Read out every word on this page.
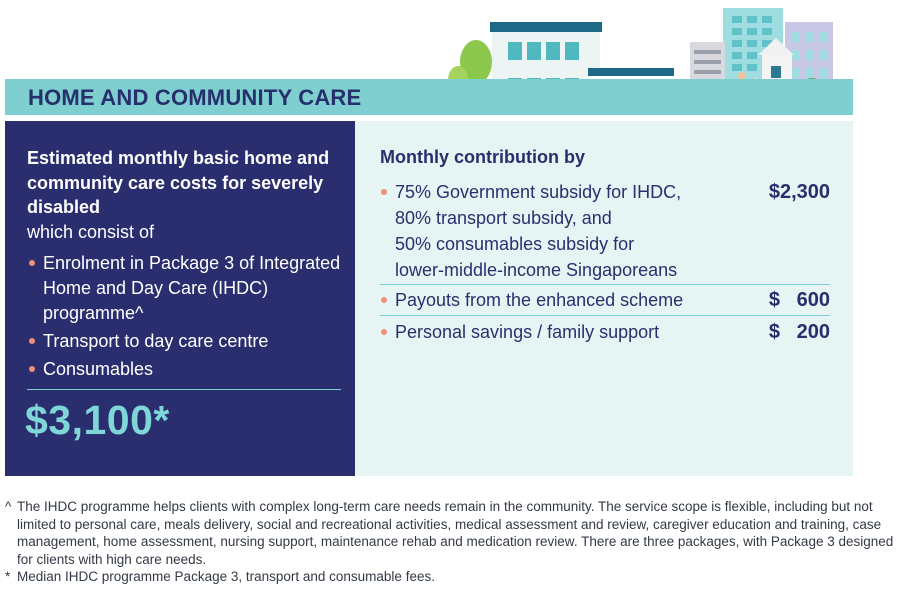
HOME AND COMMUNITY CARE
Estimated monthly basic home and community care costs for severely disabled
which consist of
Enrolment in Package 3 of Integrated Home and Day Care (IHDC) programme^
Transport to day care centre
Consumables
$3,100*
Monthly contribution by
75% Government subsidy for IHDC,
80% transport subsidy, and
50% consumables subsidy for
lower-middle-income Singaporeans
$2,300
Payouts from the enhanced scheme	$   600
Personal savings / family support	$   200
^ The IHDC programme helps clients with complex long-term care needs remain in the community. The service scope is flexible, including but not limited to personal care, meals delivery, social and recreational activities, medical assessment and review, caregiver education and training, case management, home assessment, nursing support, maintenance rehab and medication review. There are three packages, with Package 3 designed for clients with high care needs.
* Median IHDC programme Package 3, transport and consumable fees.
